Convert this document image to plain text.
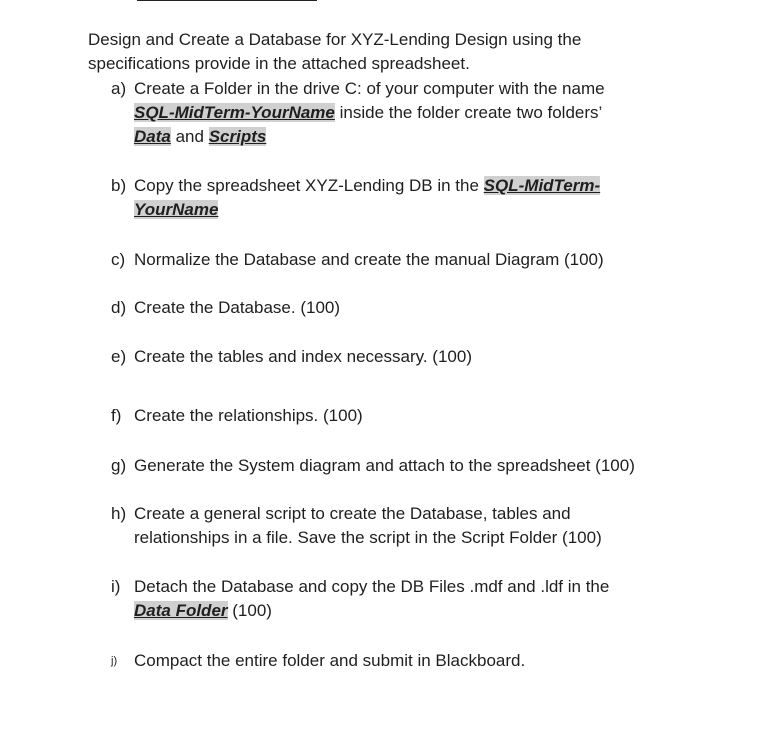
Design and Create a Database for XYZ-Lending Design using the
specifications provide in the attached spreadsheet.
a) Create a Folder in the drive C: of your computer with the name
SQL-MidTerm-YourName inside the folder create two folders’
Data and Scripts
b) Copy the spreadsheet XYZ-Lending DB in the SQL-MidTerm-
YourName
c) Normalize the Database and create the manual Diagram (100)
d) Create the Database. (100)
e) Create the tables and index necessary. (100)
f) Create the relationships. (100)
g) Generate the System diagram and attach to the spreadsheet (100)
h) Create a general script to create the Database, tables and
relationships in a file. Save the script in the Script Folder (100)
i) Detach the Database and copy the DB Files .mdf and .ldf in the
Data Folder (100)
j) Compact the entire folder and submit in Blackboard.
